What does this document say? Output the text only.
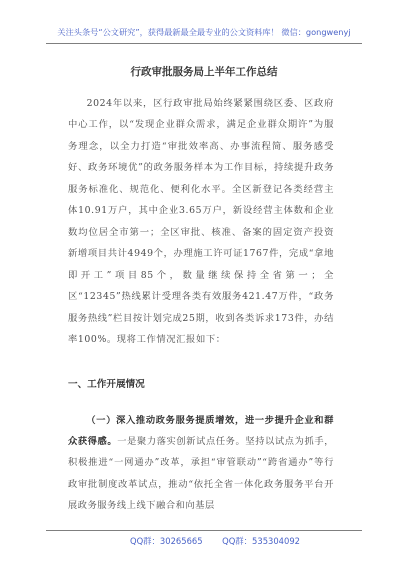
关注头条号“公文研究”，获得最新最全最专业的公文资料库！ 微信：gongwenyj
行政审批服务局上半年工作总结
2024年以来，区行政审批局始终紧紧围绕区委、区政府中心工作，以“发现企业群众需求，满足企业群众期许”为服务理念，以全力打造“审批效率高、办事流程简、服务感受好、政务环境优”的政务服务样本为工作目标，持续提升政务服务标准化、规范化、便利化水平。全区新登记各类经营主体10.91万户，其中企业3.65万户，新设经营主体数和企业数均位居全市第一；全区审批、核准、备案的固定资产投资新增项目共计4949个，办理施工许可证1767件，完成“拿地即开工”项目85个，数量继续保持全省第一；全区“12345”热线累计受理各类有效服务421.47万件，“政务服务热线”栏目按计划完成25期，收到各类诉求173件，办结率100%。现将工作情况汇报如下：
一、工作开展情况
（一）深入推动政务服务提质增效，进一步提升企业和群众获得感。一是聚力落实创新试点任务。坚持以试点为抓手，积极推进“一网通办”改革，承担“审管联动”“跨省通办”等行政审批制度改革试点，推动“依托全省一体化政务服务平台开展政务服务线上线下融合和向基层
QQ群：30265665 QQ群：535304092
